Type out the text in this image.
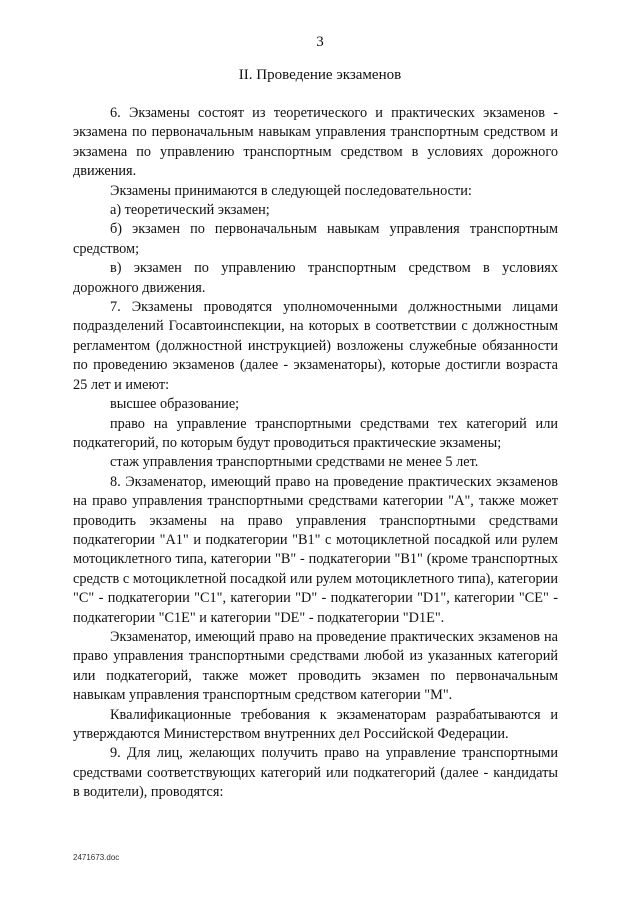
3
II. Проведение экзаменов

6. Экзамены состоят из теоретического и практических экзаменов - экзамена по первоначальным навыкам управления транспортным средством и экзамена по управлению транспортным средством в условиях дорожного движения.

Экзамены принимаются в следующей последовательности:

а) теоретический экзамен;

б) экзамен по первоначальным навыкам управления транспортным средством;

в) экзамен по управлению транспортным средством в условиях дорожного движения.

7. Экзамены проводятся уполномоченными должностными лицами подразделений Госавтоинспекции, на которых в соответствии с должностным регламентом (должностной инструкцией) возложены служебные обязанности по проведению экзаменов (далее - экзаменаторы), которые достигли возраста 25 лет и имеют:

высшее образование;

право на управление транспортными средствами тех категорий или подкатегорий, по которым будут проводиться практические экзамены;

стаж управления транспортными средствами не менее 5 лет.

8. Экзаменатор, имеющий право на проведение практических экзаменов на право управления транспортными средствами категории "А", также может проводить экзамены на право управления транспортными средствами подкатегории "А1" и подкатегории "В1" с мотоциклетной посадкой или рулем мотоциклетного типа, категории "В" - подкатегории "В1" (кроме транспортных средств с мотоциклетной посадкой или рулем мотоциклетного типа), категории "С" - подкатегории "С1", категории "D" - подкатегории "D1", категории "СЕ" - подкатегории "С1Е" и категории "DE" - подкатегории "D1E".

Экзаменатор, имеющий право на проведение практических экзаменов на право управления транспортными средствами любой из указанных категорий или подкатегорий, также может проводить экзамен по первоначальным навыкам управления транспортным средством категории "М".

Квалификационные требования к экзаменаторам разрабатываются и утверждаются Министерством внутренних дел Российской Федерации.

9. Для лиц, желающих получить право на управление транспортными средствами соответствующих категорий или подкатегорий (далее - кандидаты в водители), проводятся:

2471673.doc
